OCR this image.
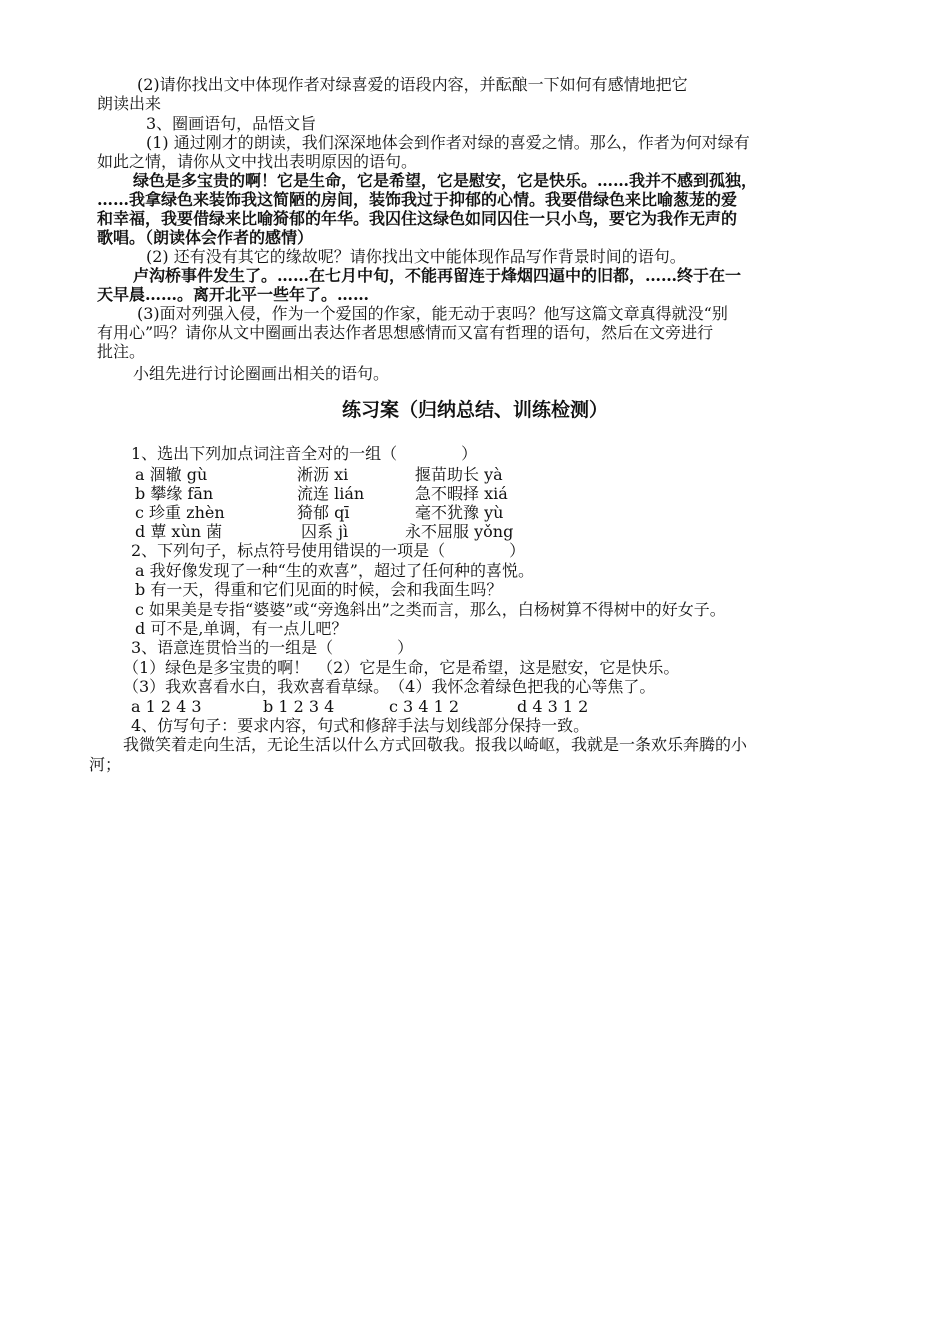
(2)请你找出文中体现作者对绿喜爱的语段内容，并酝酿一下如何有感情地把它
朗读出来
3、圈画语句，品悟文旨
(1) 通过刚才的朗读，我们深深地体会到作者对绿的喜爱之情。那么，作者为何对绿有
如此之情，请你从文中找出表明原因的语句。
绿色是多宝贵的啊！它是生命，它是希望，它是慰安，它是快乐。……我并不感到孤独，
……我拿绿色来装饰我这简陋的房间，装饰我过于抑郁的心情。我要借绿色来比喻葱茏的爱
和幸福，我要借绿来比喻猗郁的年华。我囚住这绿色如同囚住一只小鸟，要它为我作无声的
歌唱。（朗读体会作者的感情）
(2) 还有没有其它的缘故呢？请你找出文中能体现作品写作背景时间的语句。
卢沟桥事件发生了。……在七月中旬，不能再留连于烽烟四逼中的旧都，……终于在一
天早晨……。离开北平一些年了。……
(3)面对列强入侵，作为一个爱国的作家，能无动于衷吗？他写这篇文章真得就没“别
有用心”吗？请你从文中圈画出表达作者思想感情而又富有哲理的语句，然后在文旁进行
批注。
小组先进行讨论圈画出相关的语句。
练习案（归纳总结、训练检测）
1、选出下列加点词注音全对的一组（　　　　）
a 涸辙 gù	淅沥 xi	揠苗助长 yà
b 攀缘 fān	流连 lián	急不暇择 xiá
c 珍重 zhèn	猗郁 qī	毫不犹豫 yù
d 蕈 xùn 菌	囚系 jì	永不屈服 yǒng
2、下列句子，标点符号使用错误的一项是（　　　　）
a 我好像发现了一种“生的欢喜”，超过了任何种的喜悦。
b 有一天，得重和它们见面的时候，会和我面生吗？
c 如果美是专指“婆婆”或“旁逸斜出”之类而言，那么，白杨树算不得树中的好女子。
d 可不是,单调，有一点儿吧？
3、语意连贯恰当的一组是（　　　　）
（1）绿色是多宝贵的啊！　（2）它是生命，它是希望，这是慰安，它是快乐。
（3）我欢喜看水白，我欢喜看草绿。　（4）我怀念着绿色把我的心等焦了。
a 1 2 4 3	b 1 2 3 4	c 3 4 1 2	d 4 3 1 2
4、仿写句子：要求内容，句式和修辞手法与划线部分保持一致。
我微笑着走向生活，无论生活以什么方式回敬我。报我以崎岖，我就是一条欢乐奔腾的小
河；
